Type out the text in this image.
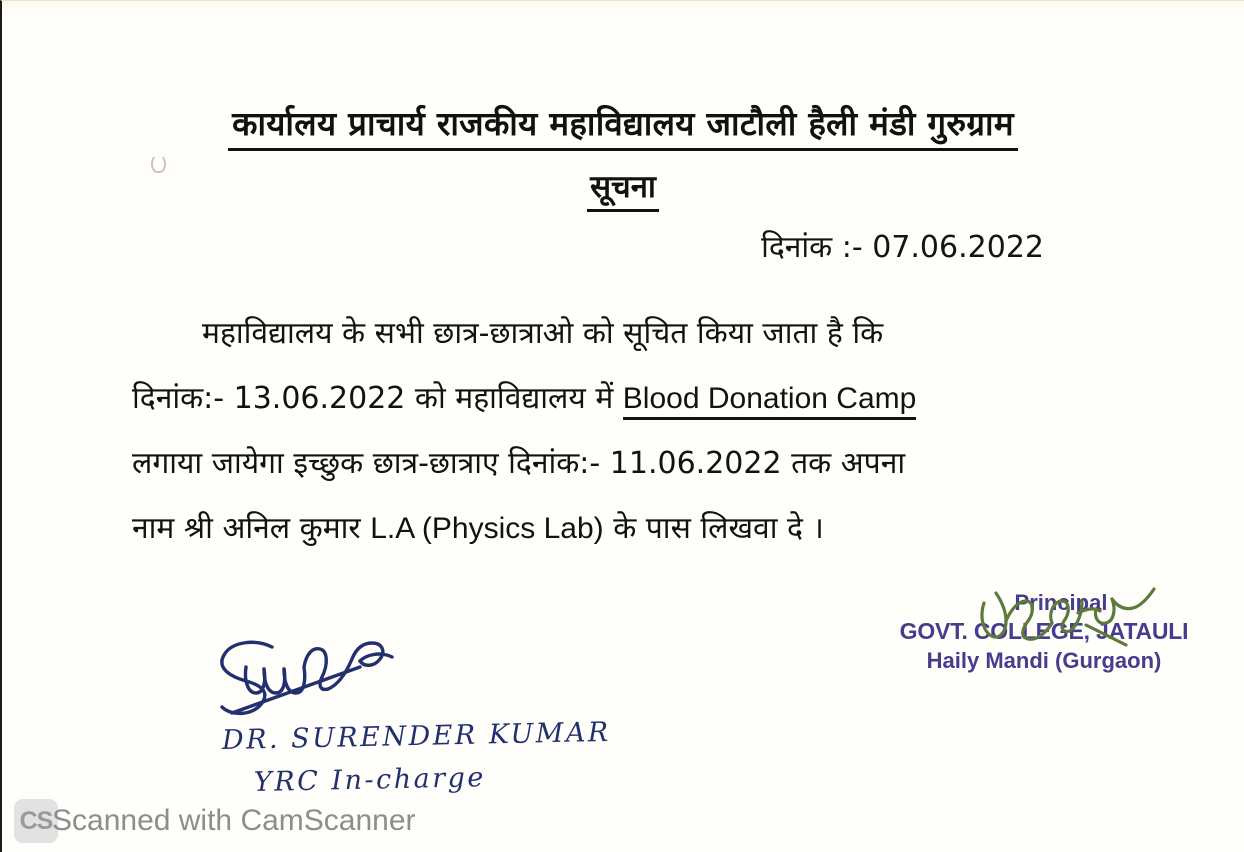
कार्यालय प्राचार्य राजकीय महाविद्यालय जाटौली हैली मंडी गुरुग्राम
सूचना
दिनांक :- 07.06.2022
महाविद्यालय के सभी छात्र-छात्राओ को सूचित किया जाता है कि
दिनांक:- 13.06.2022 को महाविद्यालय में Blood Donation Camp
लगाया जायेगा इच्छुक छात्र-छात्राए दिनांक:- 11.06.2022 तक अपना
नाम श्री अनिल कुमार L.A (Physics Lab) के पास लिखवा दे ।
DR. SURENDER KUMAR
YRC In-charge
Principal
GOVT. COLLEGE, JATAULI
Haily Mandi (Gurgaon)
CS Scanned with CamScanner
